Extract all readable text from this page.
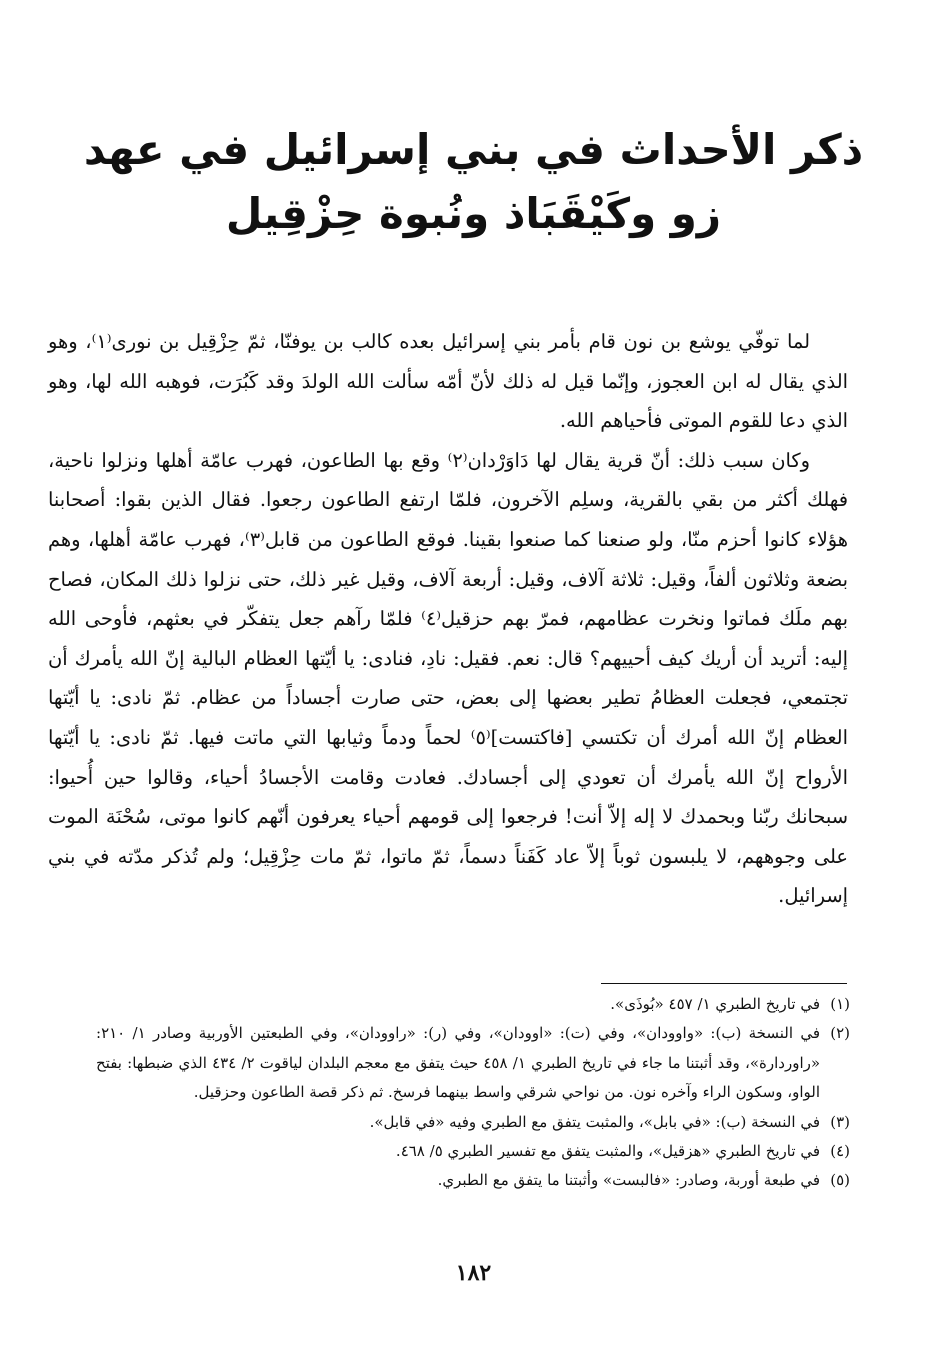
ذكر الأحداث في بني إسرائيل في عهد
زو وكَيْقَبَاذ ونُبوة حِزْقِيل

لما توفّي يوشع بن نون قام بأمر بني إسرائيل بعده كالب بن يوفنّا، ثمّ حِزْقِيل بن نورى⁽١⁾، وهو الذي يقال له ابن العجوز، وإنّما قيل له ذلك لأنّ أمّه سألت الله الولدَ وقد كَبُرَت، فوهبه الله لها، وهو الذي دعا للقوم الموتى فأحياهم الله.

وكان سبب ذلك: أنّ قرية يقال لها دَاوَرْدان⁽٢⁾ وقع بها الطاعون، فهرب عامّة أهلها ونزلوا ناحية، فهلك أكثر من بقي بالقرية، وسلِم الآخرون، فلمّا ارتفع الطاعون رجعوا. فقال الذين بقوا: أصحابنا هؤلاء كانوا أحزم منّا، ولو صنعنا كما صنعوا بقينا. فوقع الطاعون من قابل⁽٣⁾، فهرب عامّة أهلها، وهم بضعة وثلاثون ألفاً، وقيل: ثلاثة آلاف، وقيل: أربعة آلاف، وقيل غير ذلك، حتى نزلوا ذلك المكان، فصاح بهم ملَك فماتوا ونخرت عظامهم، فمرّ بهم حزقيل⁽٤⁾ فلمّا رآهم جعل يتفكّر في بعثهم، فأوحى الله إليه: أتريد أن أريك كيف أحييهم؟ قال: نعم. فقيل: نادِ، فنادى: يا أيّتها العظام البالية إنّ الله يأمرك أن تجتمعي، فجعلت العظامُ تطير بعضها إلى بعض، حتى صارت أجساداً من عظام. ثمّ نادى: يا أيّتها العظام إنّ الله أمرك أن تكتسي [فاكتست]⁽٥⁾ لحماً ودماً وثيابها التي ماتت فيها. ثمّ نادى: يا أيّتها الأرواح إنّ الله يأمرك أن تعودي إلى أجسادك. فعادت وقامت الأجسادُ أحياء، وقالوا حين أُحيوا: سبحانك ربّنا وبحمدك لا إله إلاّ أنت! فرجعوا إلى قومهم أحياء يعرفون أنّهم كانوا موتى، سُحْنَة الموت على وجوههم، لا يلبسون ثوباً إلاّ عاد كَفَناً دسماً، ثمّ ماتوا، ثمّ مات حِزْقِيل؛ ولم تُذكر مدّته في بني إسرائيل.

(١)
في تاريخ الطبري ١/ ٤٥٧ «بُوذَى».
(٢)
في النسخة (ب): «واوودان»، وفي (ت): «اوودان»، وفي (ر): «راوودان»، وفي الطبعتين الأوربية وصادر ١/ ٢١٠: «راوردارة»، وقد أثبتنا ما جاء في تاريخ الطبري ١/ ٤٥٨ حيث يتفق مع معجم البلدان لياقوت ٢/ ٤٣٤ الذي ضبطها: بفتح الواو، وسكون الراء وآخره نون. من نواحي شرقي واسط بينهما فرسخ. ثم ذكر قصة الطاعون وحزقيل.
(٣)
في النسخة (ب): «في بابل»، والمثبت يتفق مع الطبري وفيه «في قابل».
(٤)
في تاريخ الطبري «هزقيل»، والمثبت يتفق مع تفسير الطبري ٥/ ٤٦٨.
(٥)
في طبعة أوربة، وصادر: «فالبست» وأثبتنا ما يتفق مع الطبري.
١٨٢
